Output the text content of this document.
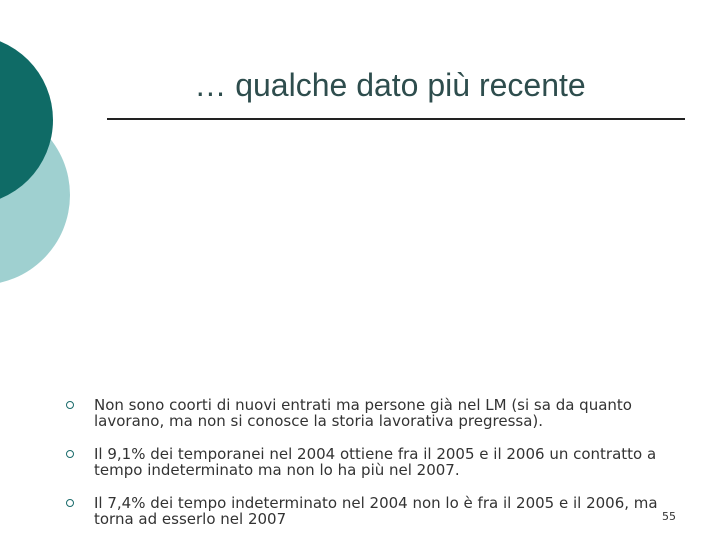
… qualche dato più recente
Non sono coorti di nuovi entrati ma persone già nel LM (si sa da quanto lavorano, ma non si conosce la storia lavorativa pregressa).
Il 9,1% dei temporanei nel 2004 ottiene fra il 2005 e il 2006 un contratto a tempo indeterminato ma non lo ha più nel 2007.
Il 7,4% dei tempo indeterminato nel 2004 non lo è fra il 2005 e il 2006, ma torna ad esserlo nel 2007	55
